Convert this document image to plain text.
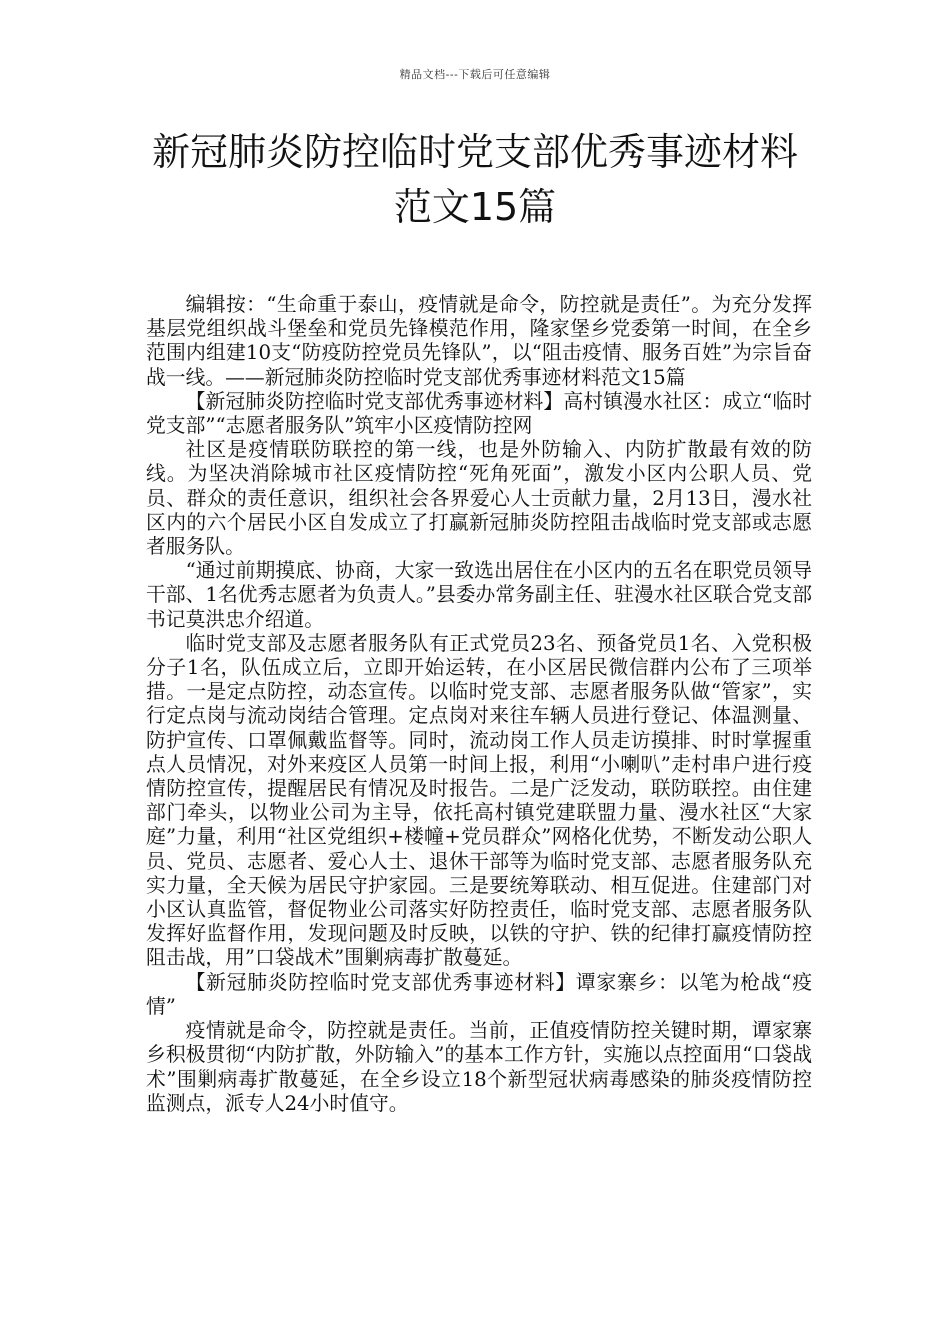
精品文档---下载后可任意编辑
新冠肺炎防控临时党支部优秀事迹材料
范文15篇

编辑按：“生命重于泰山，疫情就是命令，防控就是责任”。为充分发挥基层党组织战斗堡垒和党员先锋模范作用，隆家堡乡党委第一时间，在全乡范围内组建10支“防疫防控党员先锋队”，以“阻击疫情、服务百姓”为宗旨奋战一线。——新冠肺炎防控临时党支部优秀事迹材料范文15篇

【新冠肺炎防控临时党支部优秀事迹材料】高村镇漫水社区：成立“临时党支部”“志愿者服务队”筑牢小区疫情防控网

社区是疫情联防联控的第一线，也是外防输入、内防扩散最有效的防线。为坚决消除城市社区疫情防控“死角死面”，激发小区内公职人员、党员、群众的责任意识，组织社会各界爱心人士贡献力量，2月13日，漫水社区内的六个居民小区自发成立了打赢新冠肺炎防控阻击战临时党支部或志愿者服务队。

“通过前期摸底、协商，大家一致选出居住在小区内的五名在职党员领导干部、1名优秀志愿者为负责人。”县委办常务副主任、驻漫水社区联合党支部书记莫洪忠介绍道。

临时党支部及志愿者服务队有正式党员23名、预备党员1名、入党积极分子1名，队伍成立后，立即开始运转，在小区居民微信群内公布了三项举措。一是定点防控，动态宣传。以临时党支部、志愿者服务队做“管家”，实行定点岗与流动岗结合管理。定点岗对来往车辆人员进行登记、体温测量、防护宣传、口罩佩戴监督等。同时，流动岗工作人员走访摸排、时时掌握重点人员情况，对外来疫区人员第一时间上报，利用“小喇叭”走村串户进行疫情防控宣传，提醒居民有情况及时报告。二是广泛发动，联防联控。由住建部门牵头，以物业公司为主导，依托高村镇党建联盟力量、漫水社区“大家庭”力量，利用“社区党组织+楼幢+党员群众”网格化优势，不断发动公职人员、党员、志愿者、爱心人士、退休干部等为临时党支部、志愿者服务队充实力量，全天候为居民守护家园。三是要统筹联动、相互促进。住建部门对小区认真监管，督促物业公司落实好防控责任，临时党支部、志愿者服务队发挥好监督作用，发现问题及时反映，以铁的守护、铁的纪律打赢疫情防控阻击战，用”口袋战术”围剿病毒扩散蔓延。

【新冠肺炎防控临时党支部优秀事迹材料】谭家寨乡：以笔为枪战“疫情”

疫情就是命令，防控就是责任。当前，正值疫情防控关键时期，谭家寨乡积极贯彻“内防扩散，外防输入”的基本工作方针，实施以点控面用“口袋战术”围剿病毒扩散蔓延，在全乡设立18个新型冠状病毒感染的肺炎疫情防控监测点，派专人24小时值守。
